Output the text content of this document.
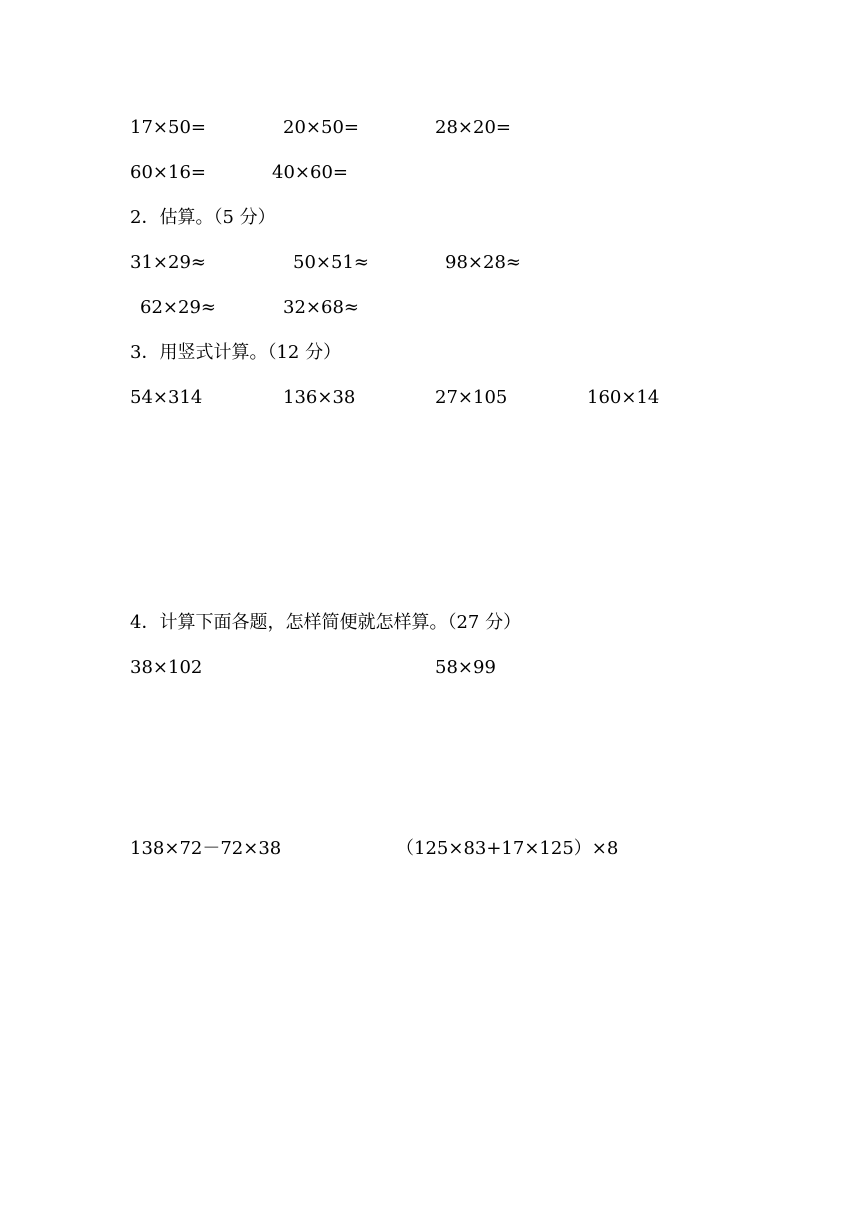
17×50=	20×50=	28×20=
60×16=	40×60=
2．估算。（5 分）
31×29≈	50×51≈	98×28≈
62×29≈	32×68≈
3．用竖式计算。（12 分）
54×314	136×38	27×105	160×14
4．计算下面各题，怎样简便就怎样算。（27 分）
38×102	58×99
138×72－72×38	（125×83+17×125）×8
